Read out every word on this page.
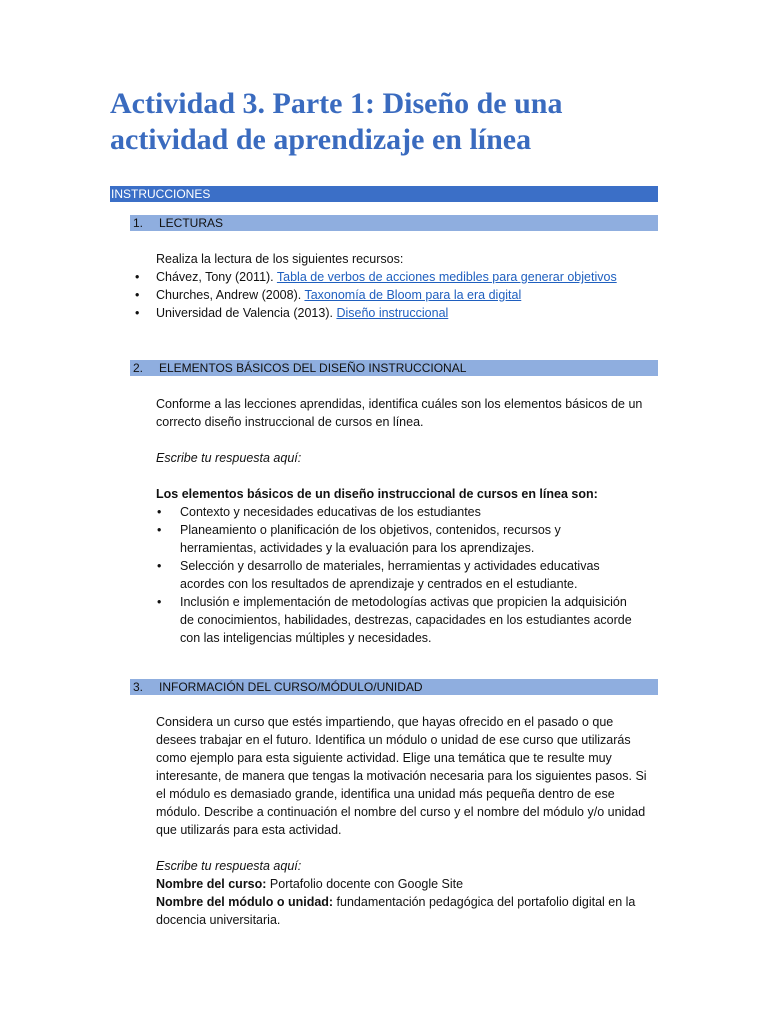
Actividad 3. Parte 1: Diseño de una actividad de aprendizaje en línea
INSTRUCCIONES
1. LECTURAS

Realiza la lectura de los siguientes recursos:

• Chávez, Tony (2011). Tabla de verbos de acciones medibles para generar objetivos
• Churches, Andrew (2008). Taxonomía de Bloom para la era digital
• Universidad de Valencia (2013). Diseño instruccional
2. ELEMENTOS BÁSICOS DEL DISEÑO INSTRUCCIONAL

Conforme a las lecciones aprendidas, identifica cuáles son los elementos básicos de un correcto diseño instruccional de cursos en línea.

Escribe tu respuesta aquí:

Los elementos básicos de un diseño instruccional de cursos en línea son:

• Contexto y necesidades educativas de los estudiantes
• Planeamiento o planificación de los objetivos, contenidos, recursos y herramientas, actividades y la evaluación para los aprendizajes.
• Selección y desarrollo de materiales, herramientas y actividades educativas acordes con los resultados de aprendizaje y centrados en el estudiante.
• Inclusión e implementación de metodologías activas que propicien la adquisición de conocimientos, habilidades, destrezas, capacidades en los estudiantes acorde con las inteligencias múltiples y necesidades.
3. INFORMACIÓN DEL CURSO/MÓDULO/UNIDAD

Considera un curso que estés impartiendo, que hayas ofrecido en el pasado o que desees trabajar en el futuro. Identifica un módulo o unidad de ese curso que utilizarás como ejemplo para esta siguiente actividad. Elige una temática que te resulte muy interesante, de manera que tengas la motivación necesaria para los siguientes pasos. Si el módulo es demasiado grande, identifica una unidad más pequeña dentro de ese módulo. Describe a continuación el nombre del curso y el nombre del módulo y/o unidad que utilizarás para esta actividad.

Escribe tu respuesta aquí:

Nombre del curso: Portafolio docente con Google Site

Nombre del módulo o unidad: fundamentación pedagógica del portafolio digital en la docencia universitaria.
